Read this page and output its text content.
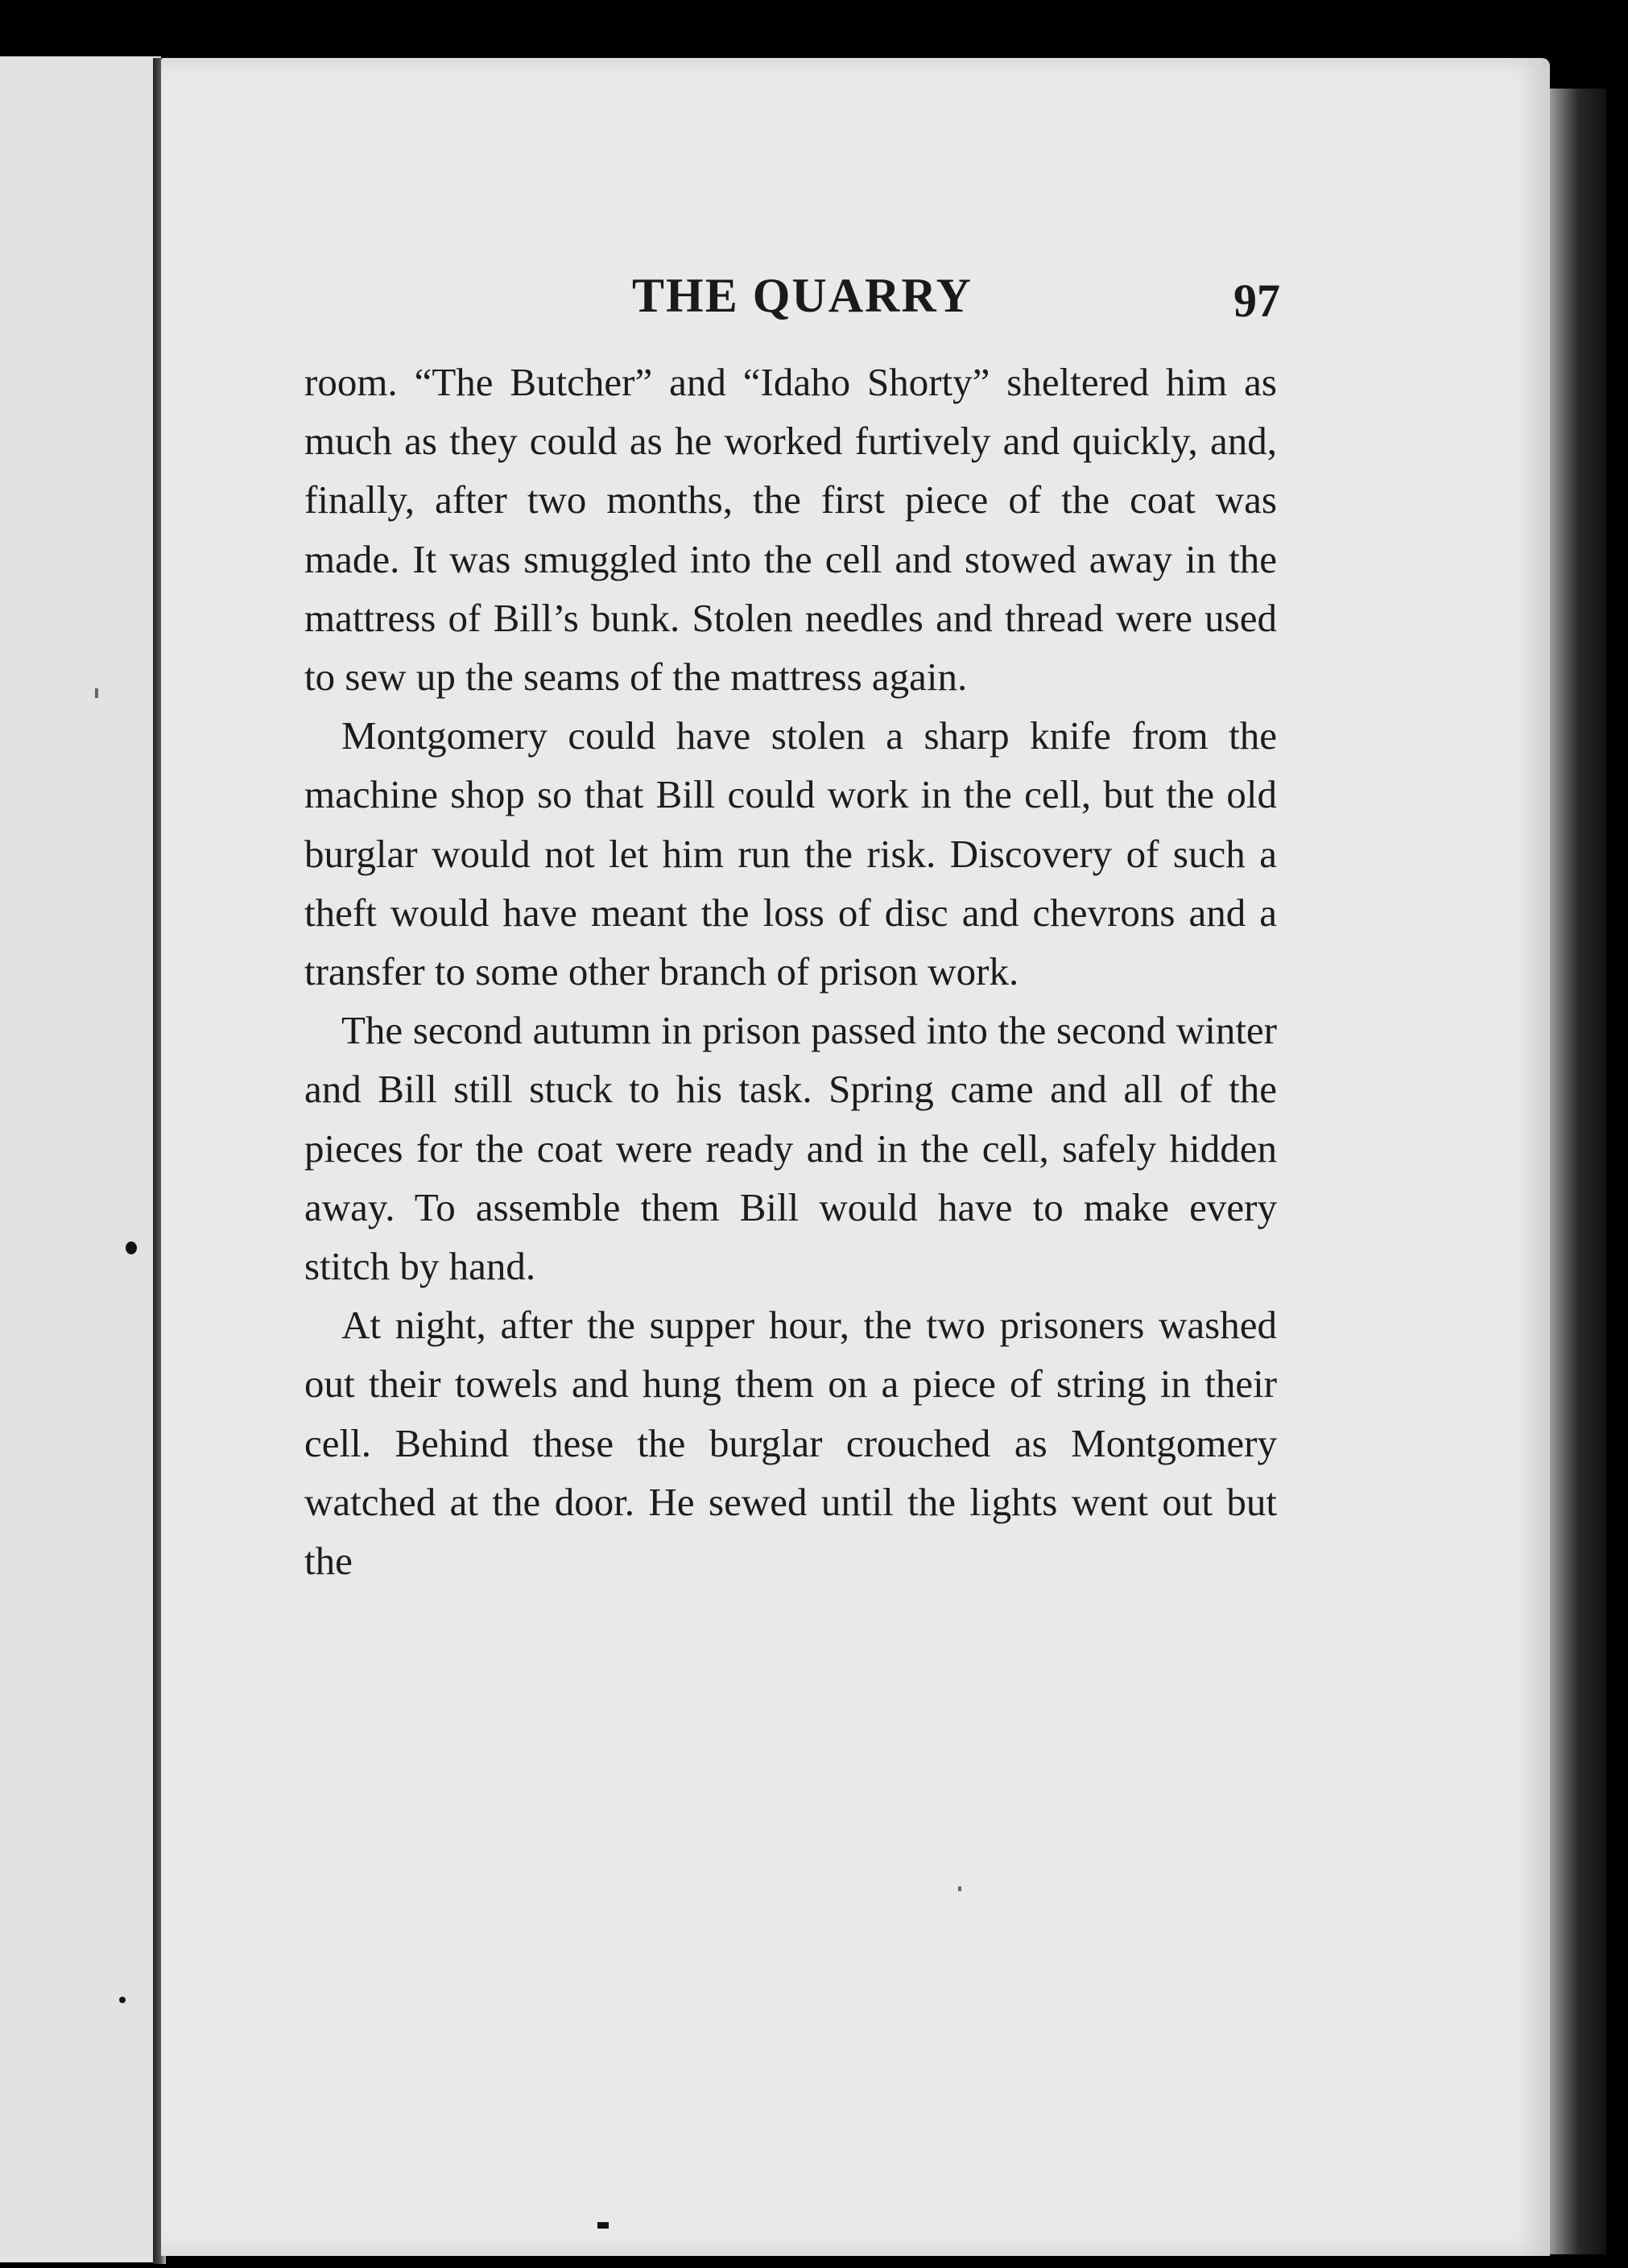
THE QUARRY	97

room. “The Butcher” and “Idaho Shorty” sheltered him as much as they could as he worked furtively and quickly, and, finally, after two months, the first piece of the coat was made. It was smuggled into the cell and stowed away in the mattress of Bill’s bunk. Stolen needles and thread were used to sew up the seams of the mattress again.

Montgomery could have stolen a sharp knife from the machine shop so that Bill could work in the cell, but the old burglar would not let him run the risk. Discovery of such a theft would have meant the loss of disc and chevrons and a transfer to some other branch of prison work.

The second autumn in prison passed into the second winter and Bill still stuck to his task. Spring came and all of the pieces for the coat were ready and in the cell, safely hidden away. To assemble them Bill would have to make every stitch by hand.

At night, after the supper hour, the two prisoners washed out their towels and hung them on a piece of string in their cell. Behind these the burglar crouched as Montgomery watched at the door. He sewed until the lights went out but the
